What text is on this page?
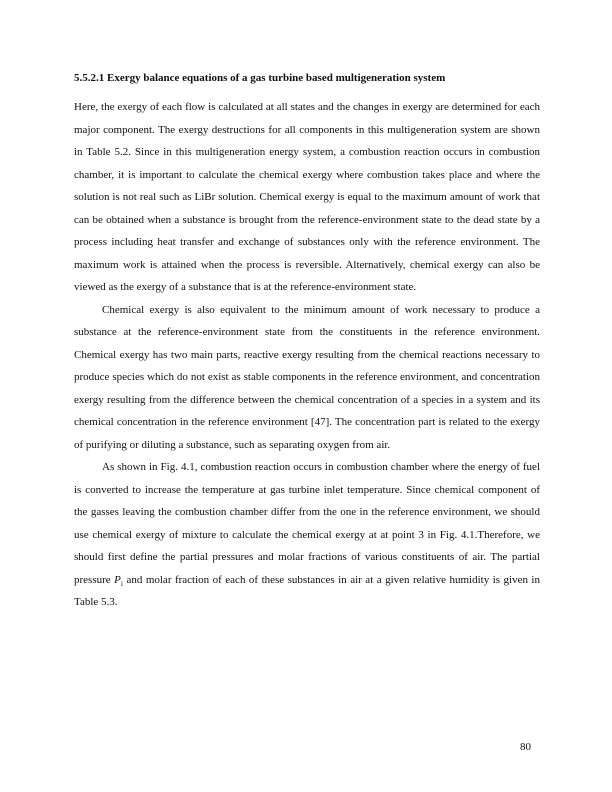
5.5.2.1 Exergy balance equations of a gas turbine based multigeneration system

Here, the exergy of each flow is calculated at all states and the changes in exergy are determined for each major component. The exergy destructions for all components in this multigeneration system are shown in Table 5.2. Since in this multigeneration energy system, a combustion reaction occurs in combustion chamber, it is important to calculate the chemical exergy where combustion takes place and where the solution is not real such as LiBr solution. Chemical exergy is equal to the maximum amount of work that can be obtained when a substance is brought from the reference-environment state to the dead state by a process including heat transfer and exchange of substances only with the reference environment. The maximum work is attained when the process is reversible. Alternatively, chemical exergy can also be viewed as the exergy of a substance that is at the reference-environment state.

Chemical exergy is also equivalent to the minimum amount of work necessary to produce a substance at the reference-environment state from the constituents in the reference environment. Chemical exergy has two main parts, reactive exergy resulting from the chemical reactions necessary to produce species which do not exist as stable components in the reference environment, and concentration exergy resulting from the difference between the chemical concentration of a species in a system and its chemical concentration in the reference environment [47]. The concentration part is related to the exergy of purifying or diluting a substance, such as separating oxygen from air.

As shown in Fig. 4.1, combustion reaction occurs in combustion chamber where the energy of fuel is converted to increase the temperature at gas turbine inlet temperature. Since chemical component of the gasses leaving the combustion chamber differ from the one in the reference environment, we should use chemical exergy of mixture to calculate the chemical exergy at at point 3 in Fig. 4.1.Therefore, we should first define the partial pressures and molar fractions of various constituents of air. The partial pressure $P_i$ and molar fraction of each of these substances in air at a given relative humidity is given in Table 5.3.

80
